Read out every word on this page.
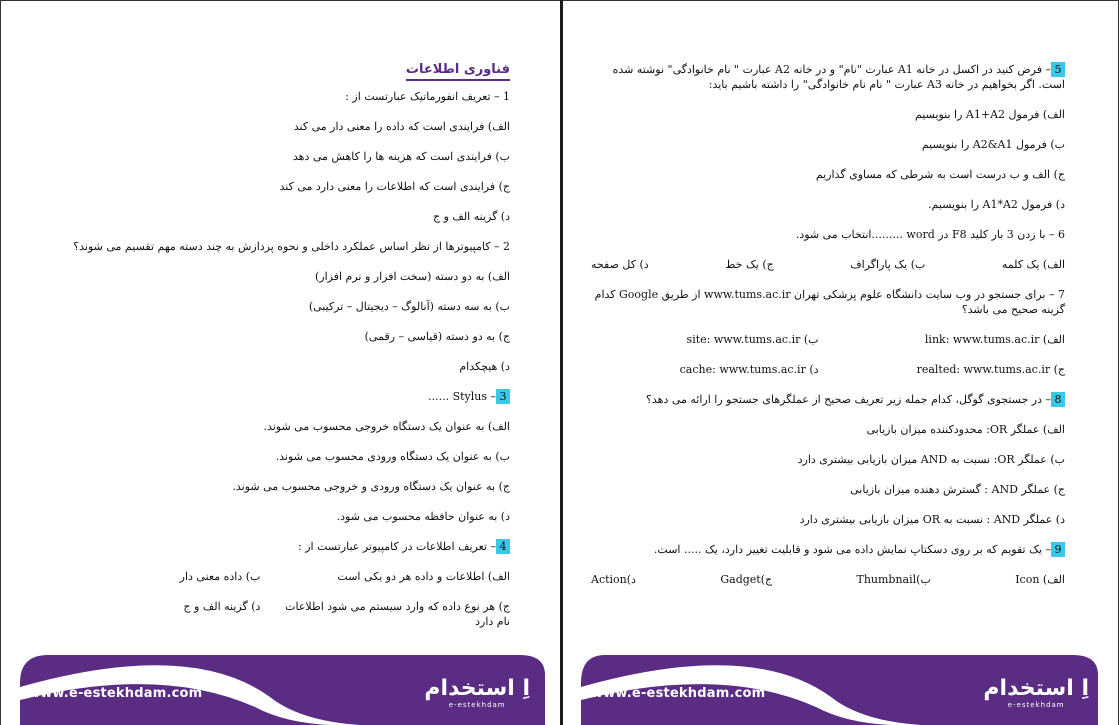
فناوری اطلاعات
1 – تعریف انفورماتیک عبارتست از :
الف) فرایندی است که داده را معنی دار می کند
ب) فرایندی است که هزینه ها را کاهش می دهد
ج) فرایندی است که اطلاعات را معنی دارد می کند
د) گزینه الف و ج
2 – کامپیوترها از نظر اساس عملکرد داخلی و نحوه پردازش به چند دسته مهم تقسیم می شوند؟
الف) به دو دسته (سخت افزار و نرم افزار)
ب) به سه دسته (آنالوگ – دیجیتال – ترکیبی)
ج) به دو دسته (قیاسی – رقمی)
د) هیچکدام
3– Stylus ......
الف) به عنوان یک دستگاه خروجی محسوب می شوند.
ب) به عنوان یک دستگاه ورودی محسوب می شوند.
ج) به عنوان یک دستگاه ورودی و خروجی محسوب می شوند.
د) به عنوان حافظه محسوب می شود.
4– تعریف اطلاعات در کامپیوتر عبارتست از :
الف) اطلاعات و داده هر دو یکی است
ب) داده معنی دار
ج) هر نوع داده که وارد سیستم می شود اطلاعات نام دارد
د) گزینه الف و ج
www.e-estekhdam.com	اِ استخدام
e-estekhdam
5– فرض کنید در اکسل در خانه A1 عبارت "نام" و در خانه A2 عبارت " نام خانوادگی" نوشته شده است. اگر بخواهیم در خانه A3 عبارت " نام نام خانوادگی" را داشته باشیم باید:
الف) فرمول A1+A2 را بنویسیم
ب) فرمول A2&A1 را بنویسیم
ج) الف و ب درست است به شرطی که مساوی گذاریم
د) فرمول A1*A2 را بنویسیم.
6 – با زدن 3 بار کلید F8 در word .........انتخاب می شود.
الف) یک کلمه
ب) یک پاراگراف
ج) یک خط
د) کل صفحه
7 – برای جستجو در وب سایت دانشگاه علوم پزشکی تهران www.tums.ac.ir از طریق Google کدام گزینه صحیح می باشد؟
الف) link: www.tums.ac.ir
ب) site: www.tums.ac.ir
ج) realted: www.tums.ac.ir
د) cache: www.tums.ac.ir
8– در جستجوی گوگل، کدام جمله زیر تعریف صحیح از عملگرهای جستجو را ارائه می دهد؟
الف) عملگر OR: محدودکننده میزان بازیابی
ب) عملگر OR: نسبت به AND میزان بازیابی بیشتری دارد
ج) عملگر AND : گسترش دهنده میزان بازیابی
د) عملگر AND : نسبت به OR میزان بازیابی بیشتری دارد
9– یک تقویم که بر روی دسکتاپ نمایش داده می شود و قابلیت تغییر دارد، یک ..... است.
الف) Icon
ب)Thumbnail
ج)Gadget
د)Action
www.e-estekhdam.com	اِ استخدام
e-estekhdam
